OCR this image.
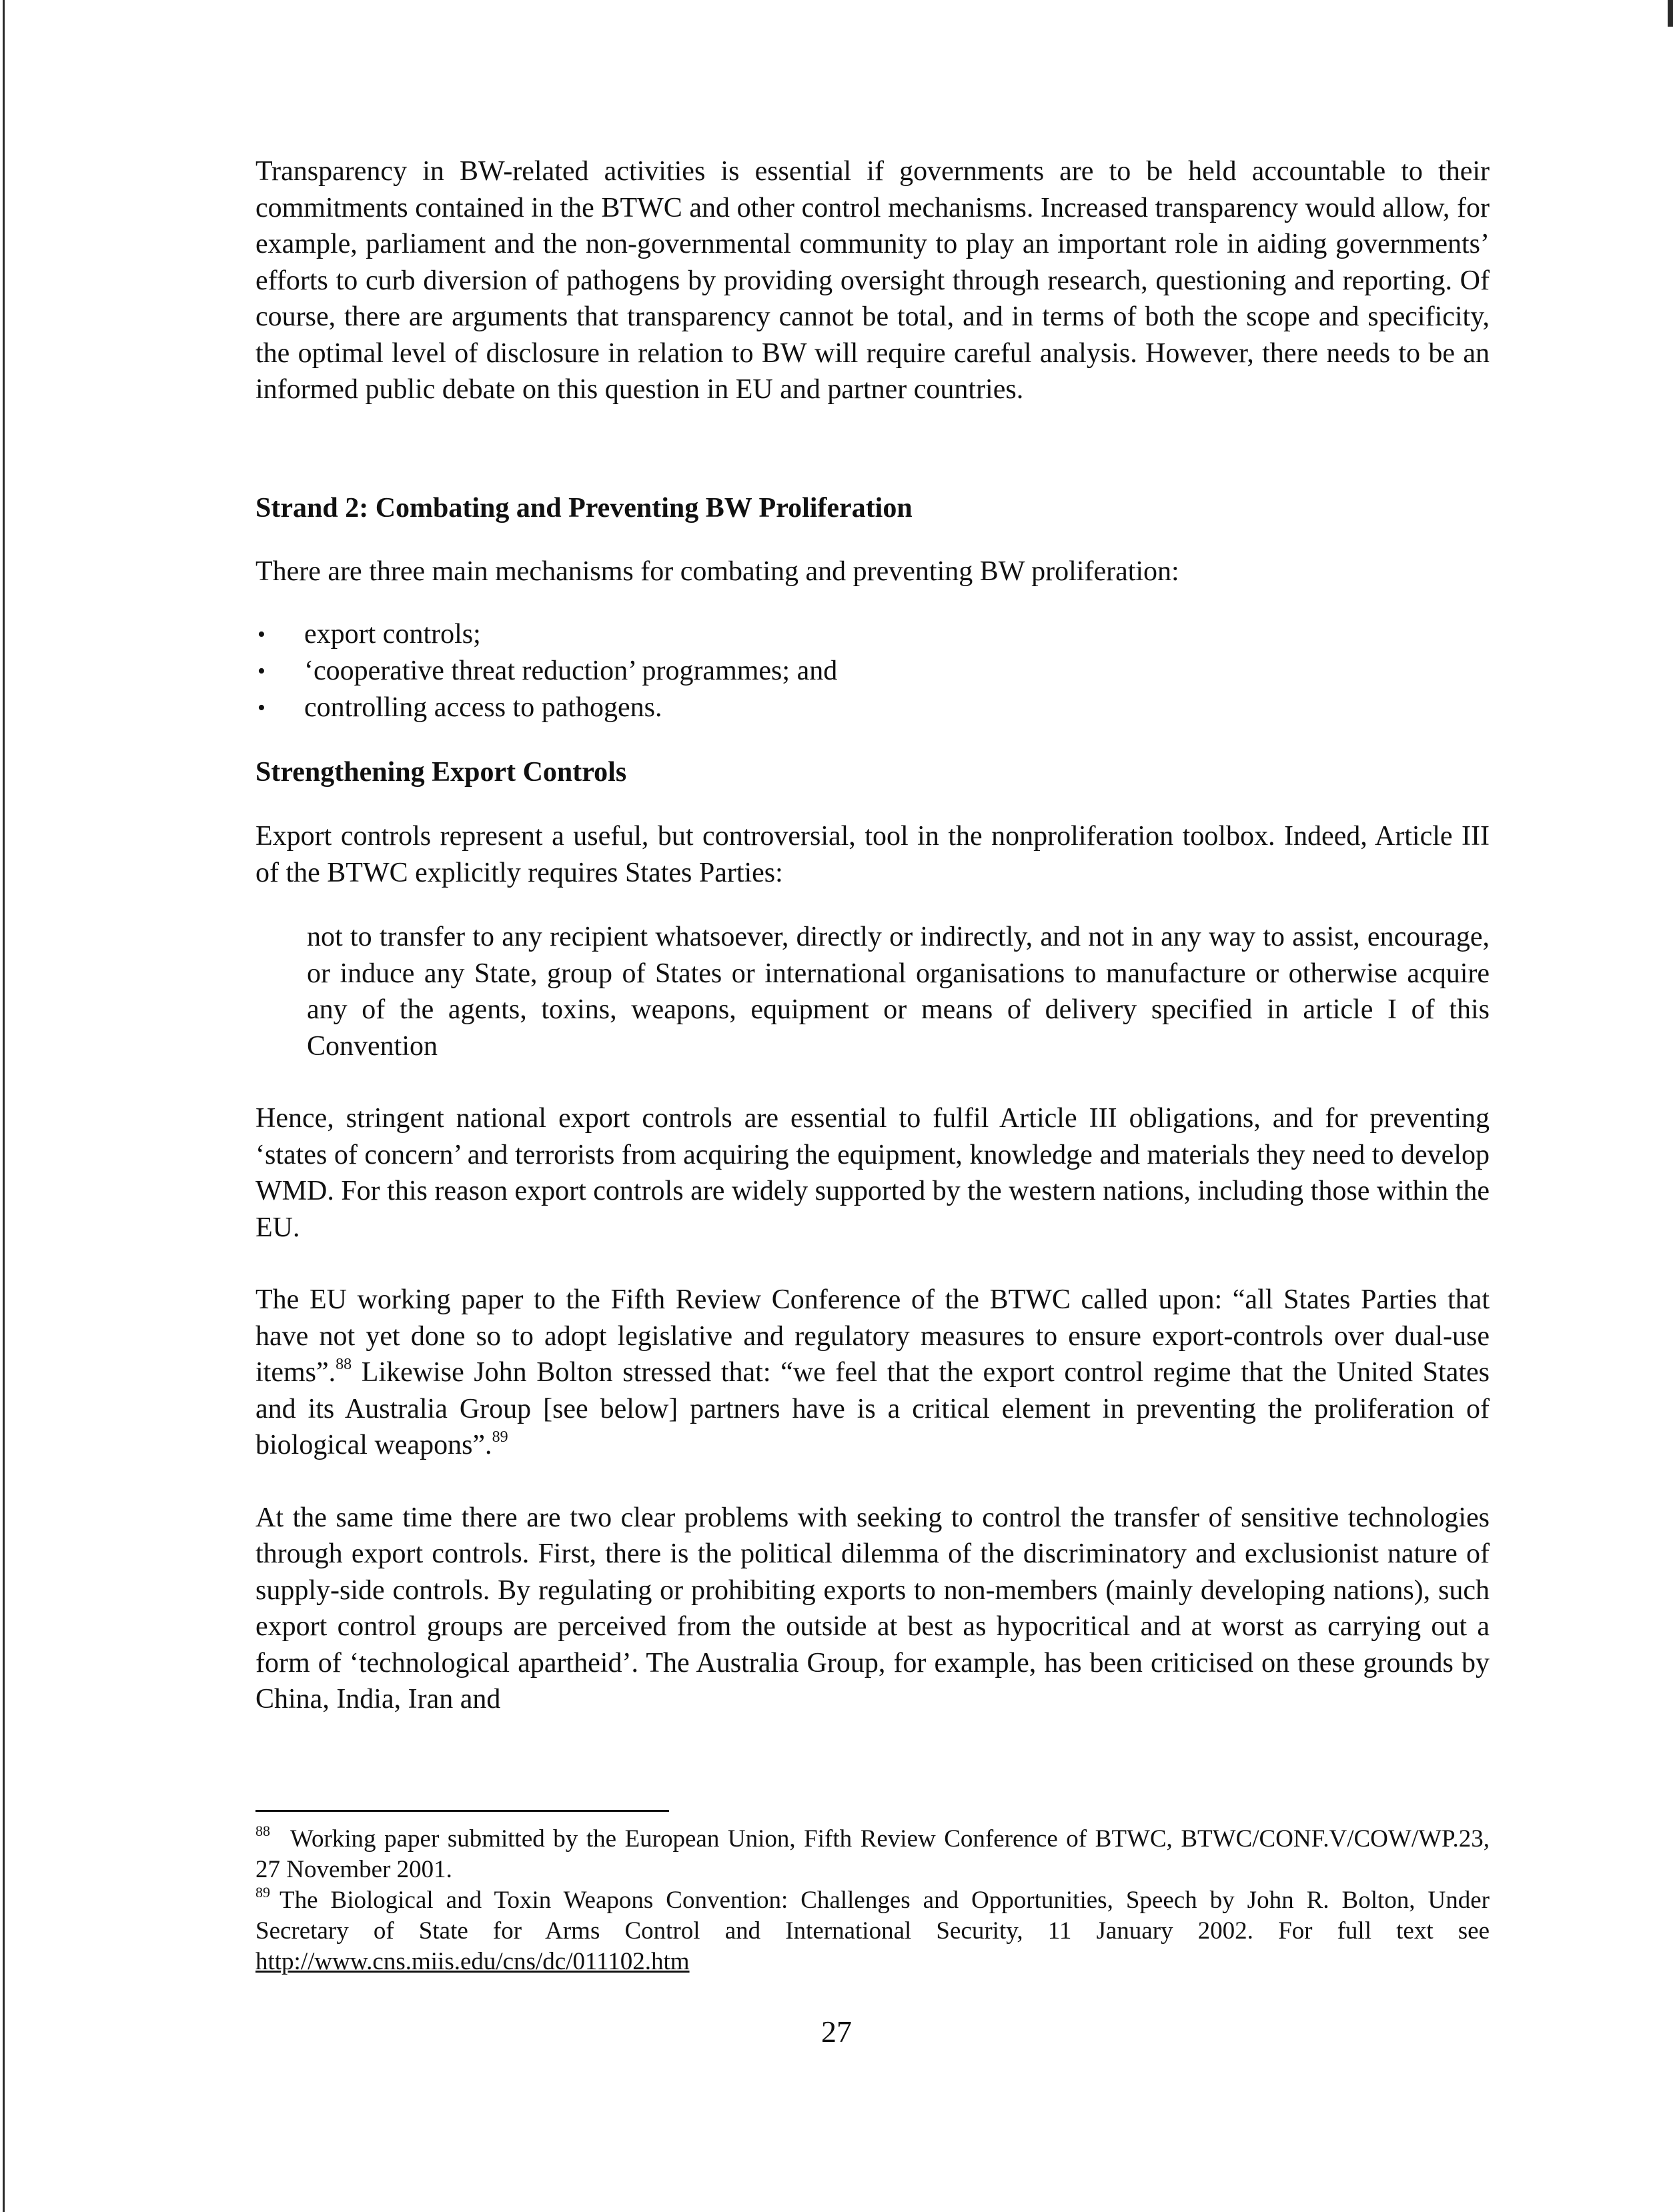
Transparency in BW-related activities is essential if governments are to be held accountable to their commitments contained in the BTWC and other control mechanisms. Increased transparency would allow, for example, parliament and the non-governmental community to play an important role in aiding governments’ efforts to curb diversion of pathogens by providing oversight through research, questioning and reporting. Of course, there are arguments that transparency cannot be total, and in terms of both the scope and specificity, the optimal level of disclosure in relation to BW will require careful analysis. However, there needs to be an informed public debate on this question in EU and partner countries.

Strand 2: Combating and Preventing BW Proliferation

There are three main mechanisms for combating and preventing BW proliferation:

• export controls;
• ‘cooperative threat reduction’ programmes; and
• controlling access to pathogens.
Strengthening Export Controls

Export controls represent a useful, but controversial, tool in the nonproliferation toolbox. Indeed, Article III of the BTWC explicitly requires States Parties:

not to transfer to any recipient whatsoever, directly or indirectly, and not in any way to assist, encourage, or induce any State, group of States or international organisations to manufacture or otherwise acquire any of the agents, toxins, weapons, equipment or means of delivery specified in article I of this Convention

Hence, stringent national export controls are essential to fulfil Article III obligations, and for preventing ‘states of concern’ and terrorists from acquiring the equipment, knowledge and materials they need to develop WMD. For this reason export controls are widely supported by the western nations, including those within the EU.

The EU working paper to the Fifth Review Conference of the BTWC called upon: “all States Parties that have not yet done so to adopt legislative and regulatory measures to ensure export-controls over dual-use items”.$^{88}$ Likewise John Bolton stressed that: “we feel that the export control regime that the United States and its Australia Group [see below] partners have is a critical element in preventing the proliferation of biological weapons”.$^{89}$

At the same time there are two clear problems with seeking to control the transfer of sensitive technologies through export controls. First, there is the political dilemma of the discriminatory and exclusionist nature of supply-side controls. By regulating or prohibiting exports to non-members (mainly developing nations), such export control groups are perceived from the outside at best as hypocritical and at worst as carrying out a form of ‘technological apartheid’. The Australia Group, for example, has been criticised on these grounds by China, India, Iran and

$^{88}$ Working paper submitted by the European Union, Fifth Review Conference of BTWC, BTWC/CONF.V/COW/WP.23, 27 November 2001.

$^{89}$ The Biological and Toxin Weapons Convention: Challenges and Opportunities, Speech by John R. Bolton, Under Secretary of State for Arms Control and International Security, 11 January 2002. For full text see http://www.cns.miis.edu/cns/dc/011102.htm

27
